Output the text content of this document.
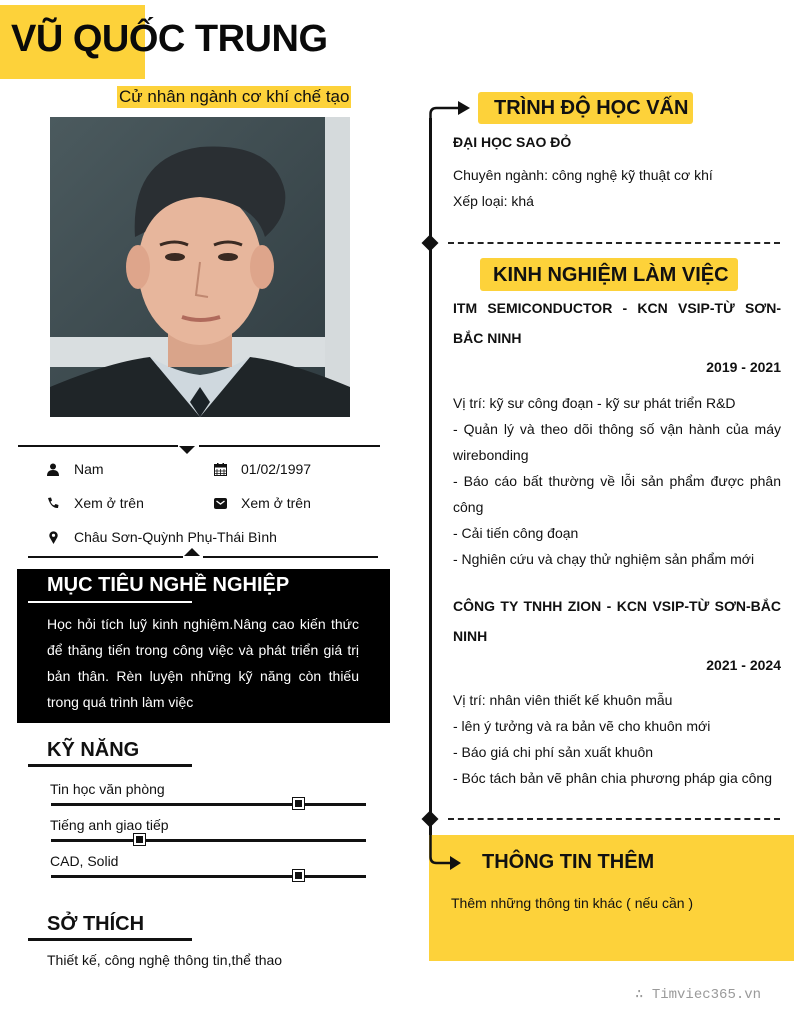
VŨ QUỐC TRUNG
Cử nhân ngành cơ khí chế tạo
Nam	01/02/1997
Xem ở trên	Xem ở trên
Châu Sơn-Quỳnh Phụ-Thái Bình
MỤC TIÊU NGHỀ NGHIỆP

Học hỏi tích luỹ kinh nghiệm.Nâng cao kiến thức để thăng tiến trong công việc và phát triển giá trị bản thân. Rèn luyện những kỹ năng còn thiếu trong quá trình làm việc

KỸ NĂNG
Tin học văn phòng
Tiếng anh giao tiếp
CAD, Solid
SỞ THÍCH
Thiết kế, công nghệ thông tin,thể thao
TRÌNH ĐỘ HỌC VẤN
ĐẠI HỌC SAO ĐỎ
Chuyên ngành: công nghệ kỹ thuật cơ khí
Xếp loại: khá
KINH NGHIỆM LÀM VIỆC
ITM SEMICONDUCTOR - KCN VSIP-TỪ SƠN-
BẮC NINH
2019 - 2021
Vị trí: kỹ sư công đoạn - kỹ sư phát triển R&D
- Quản lý và theo dõi thông số vận hành của máy wirebonding
- Báo cáo bất thường về lỗi sản phẩm được phân công
- Cải tiến công đoạn
- Nghiên cứu và chạy thử nghiệm sản phẩm mới
CÔNG TY TNHH ZION - KCN VSIP-TỪ SƠN-BẮC
NINH
2021 - 2024
Vị trí: nhân viên thiết kế khuôn mẫu
- lên ý tưởng và ra bản vẽ cho khuôn mới
- Báo giá chi phí sản xuất khuôn
- Bóc tách bản vẽ phân chia phương pháp gia công
THÔNG TIN THÊM
Thêm những thông tin khác ( nếu cần )
∴ Timviec365.vn
